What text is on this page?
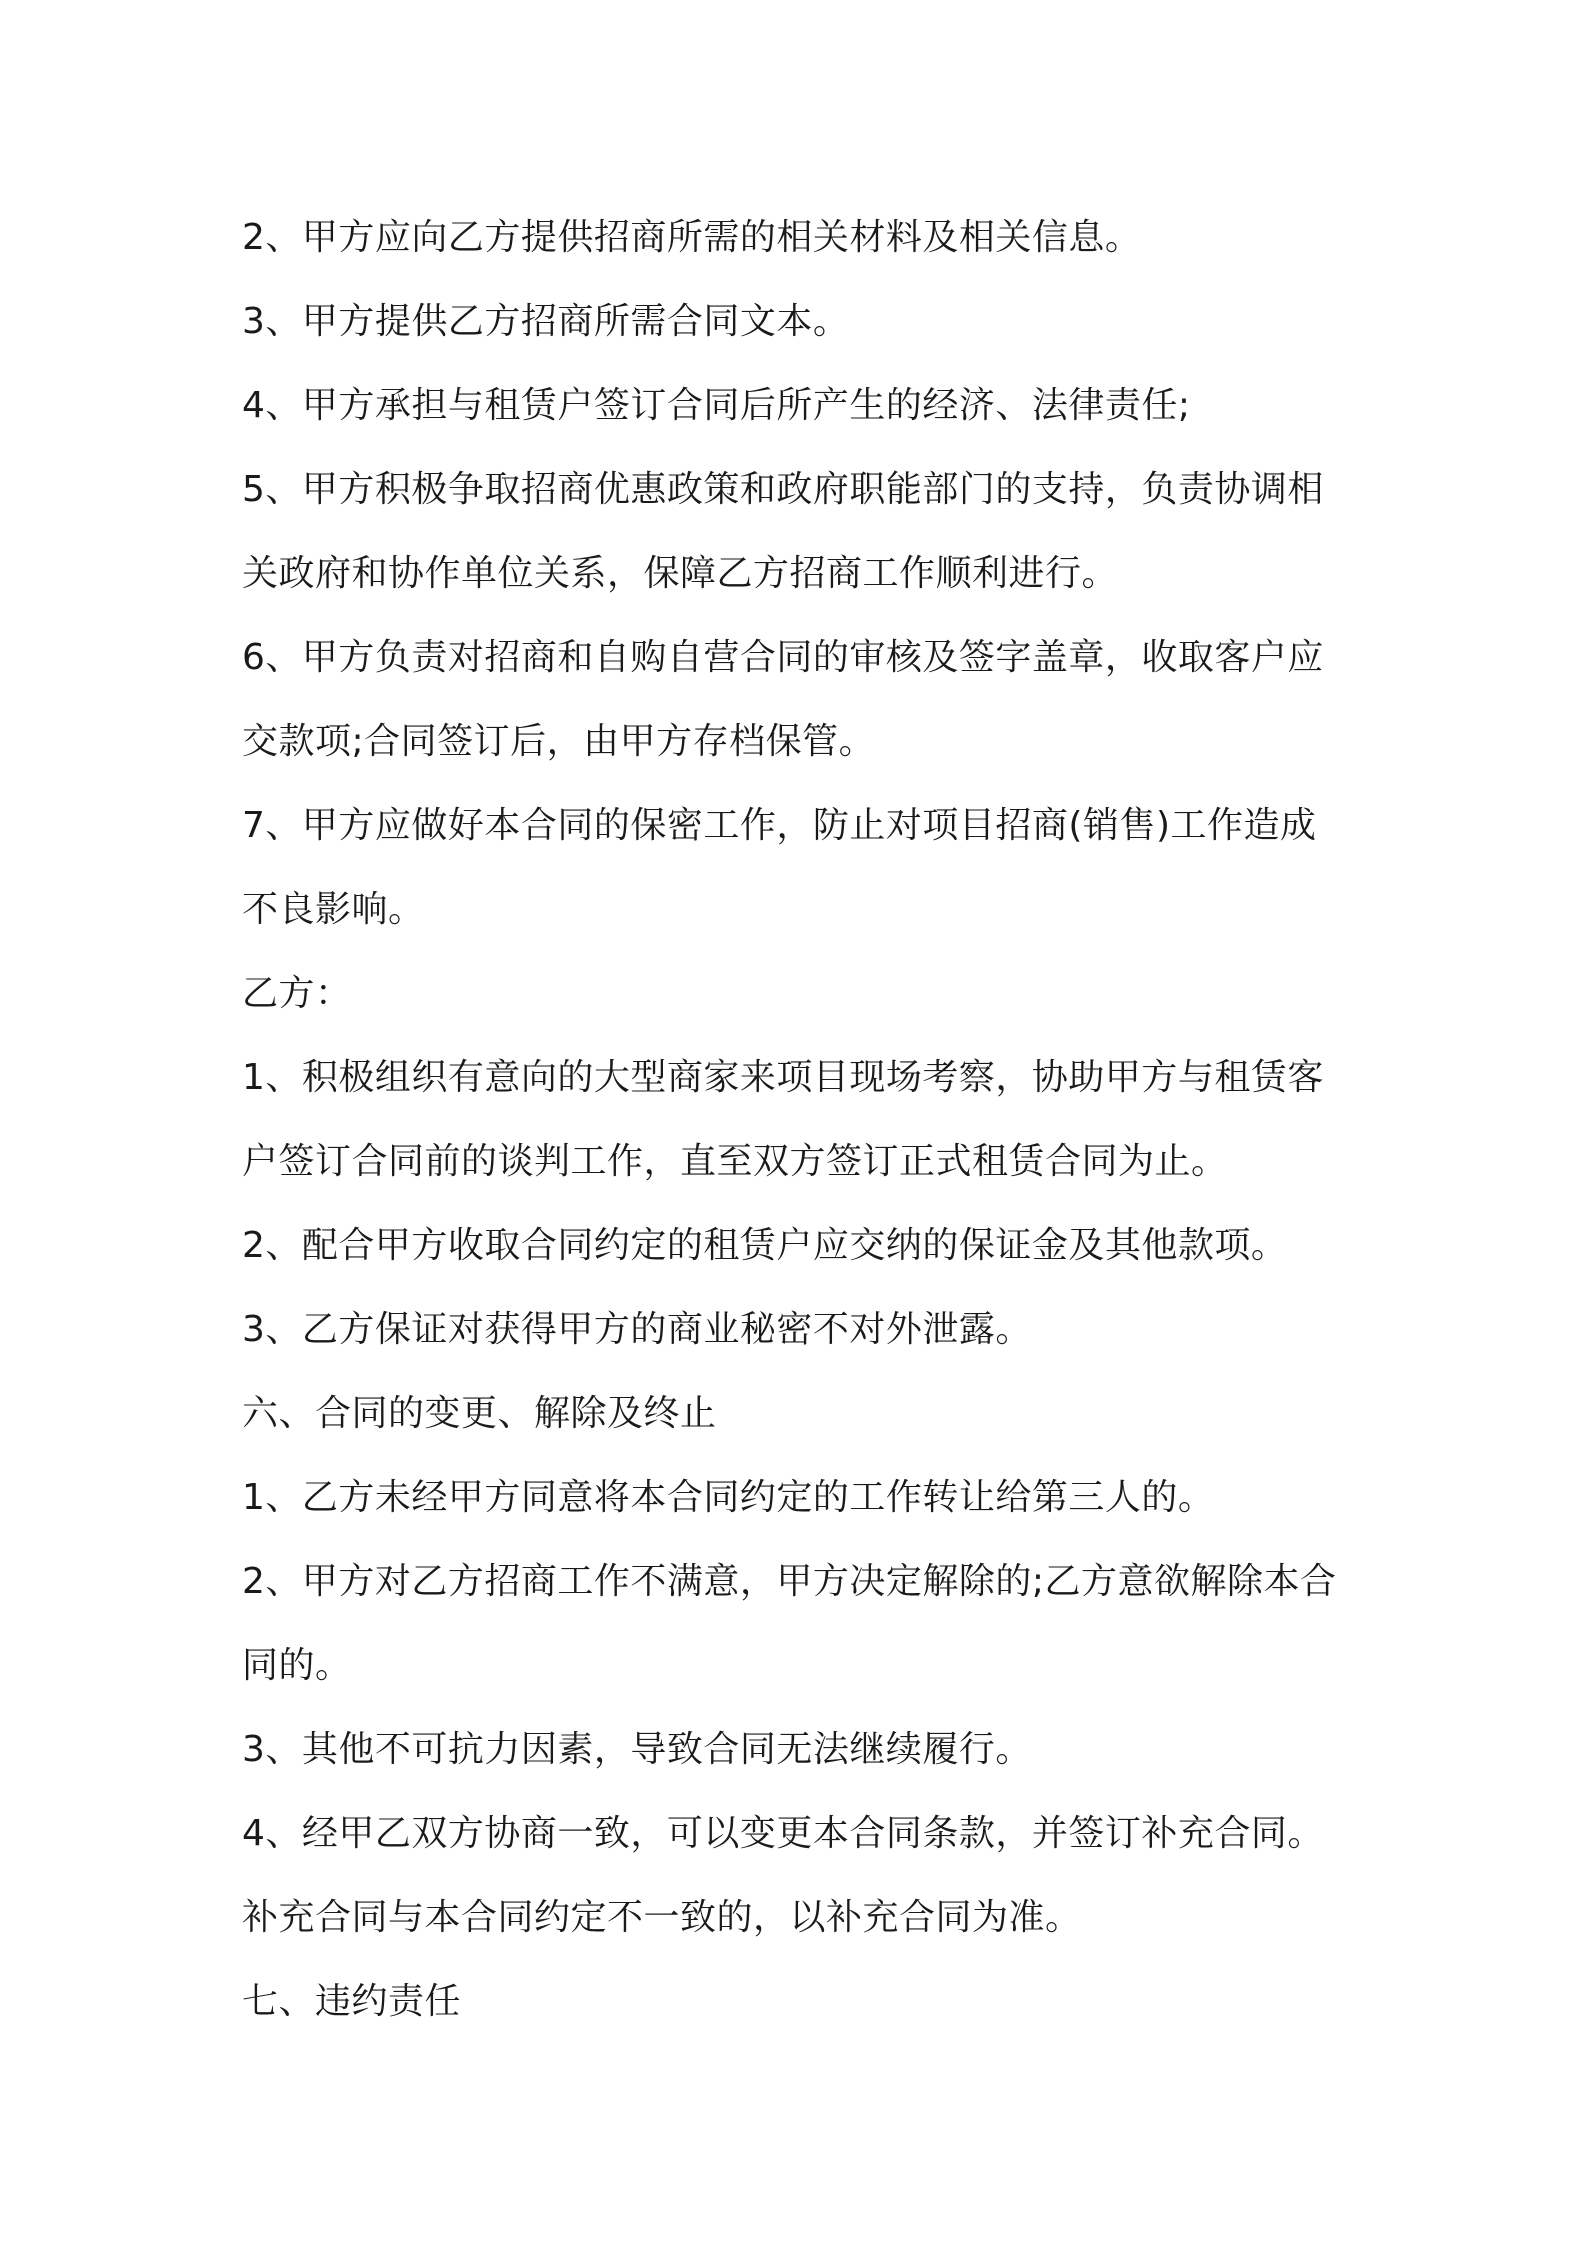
2、甲方应向乙方提供招商所需的相关材料及相关信息。
3、甲方提供乙方招商所需合同文本。
4、甲方承担与租赁户签订合同后所产生的经济、法律责任;
5、甲方积极争取招商优惠政策和政府职能部门的支持，负责协调相
关政府和协作单位关系，保障乙方招商工作顺利进行。
6、甲方负责对招商和自购自营合同的审核及签字盖章，收取客户应
交款项;合同签订后，由甲方存档保管。
7、甲方应做好本合同的保密工作，防止对项目招商(销售)工作造成
不良影响。
乙方：
1、积极组织有意向的大型商家来项目现场考察，协助甲方与租赁客
户签订合同前的谈判工作，直至双方签订正式租赁合同为止。
2、配合甲方收取合同约定的租赁户应交纳的保证金及其他款项。
3、乙方保证对获得甲方的商业秘密不对外泄露。
六、合同的变更、解除及终止
1、乙方未经甲方同意将本合同约定的工作转让给第三人的。
2、甲方对乙方招商工作不满意，甲方决定解除的;乙方意欲解除本合
同的。
3、其他不可抗力因素，导致合同无法继续履行。
4、经甲乙双方协商一致，可以变更本合同条款，并签订补充合同。
补充合同与本合同约定不一致的，以补充合同为准。
七、违约责任
